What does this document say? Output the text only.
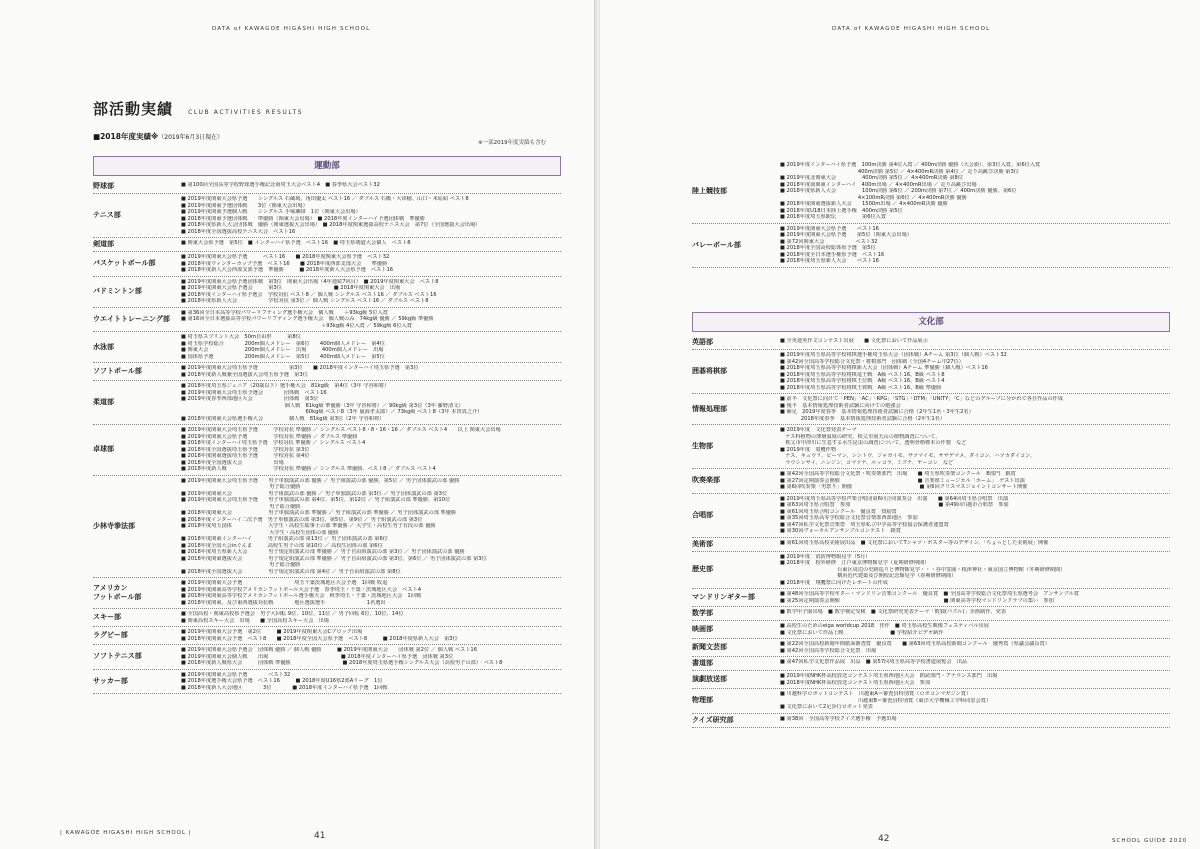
DATA of KAWAGOE HIGASHI HIGH SCHOOL
部活動実績	CLUB ACTIVITIES RESULTS
■2018年度実績※（2019年6月3日現在）
※一部2019年度実績も含む
運動部
野球部	■ 第100回全国高等学校野球選手権記念南埼玉大会ベスト4　■ 春季県大会ベスト32
テニス部
■ 2019年度関東大会県予選　　シングルス 石蔵琉、角田優太 ベスト16 ／ ダブルス 石橋・大串穂、山口・米原紹 ベスト8
■ 2019年度関東予選団体戦　　3位（関東大会出場）
■ 2019年度関東予選個人戦　　シングルス 手塚瀬緋　1位（関東大会出場）
■ 2018年度関東予選団体戦　　準優勝（関東大会出場）　■ 2018年度インターハイ予選団体戦　準優勝
■ 2018年度県新人大会団体戦　優勝（関東選抜大会出場）　■ 2018年度関東選抜高校テニス大会　第7位（全国選抜大会出場）
■ 2018年度全国選抜高校テニス大会　ベスト16
剣道部	■ 関東大会県予選　第5位　■ インターハイ県予選　ベスト16　■ 埼玉県剣道大会個人　ベスト8
バスケットボール部
■ 2019年度関東大会県予選　　　ベスト16　　■ 2018年度関東大会県予選　ベスト32
■ 2018年度ウィンターカップ予選　ベスト16　　■ 2018年度西部支部大会　　準優勝
■ 2018年度新人大会西部支部予選　準優勝　　　■ 2018年度新人大会県予選　ベスト16
バドミントン部
■ 2019年度関東大会県予選団体戦　第3位　関東大会出場（4年連続7回目）　■ 2019年度関東大会　ベスト8
■ 2019年度関東大会県予選会　　　第3位　　　　　　　　　　■ 2018年度関東大会　出場
■ 2018年度インターハイ県予選会　学校対抗 ベスト8 ／ 個人戦 シングルス ベスト16 ／ ダブルス ベスト16
■ 2018年度県新人大会　　　　　　学校対抗 第3位 ／ 個人戦 シングルス ベスト16 ／ ダブルス ベスト8
ウエイトトレーニング部
■ 第36回全日本高等学校パワーリフティング選手権大会　個人戦　　＋93kg級 5位入賞
■ 第16回全日本選抜高等学校パワーリフティング選手権大会　個人戦のみ　74kg級 優勝 ／ 59kg級 準優勝
　　　　　　　　　　　　　　　　　　　　　　　　　　　＋93kg級 4位入賞 ／ 59kg級 6位入賞
水泳部
■ 埼玉県スプリント大会　50m自由形　　　第8位
■ 埼玉県学校総合　　　　200m個人メドレー　第6位　　400m個人メドレー　第4位
■ 関東大会　　　　　　　200m個人メドレー　出場　　　400m個人メドレー　出場
■ 国体県予選　　　　　　200m個人メドレー　第5位　　400m個人メドレー　第5位
ソフトボール部	■ 2019年度関東大会埼玉県予選　　　　　　第3位　　■ 2018年度インターハイ埼玉県予選　第3位
■ 2018年度新人戦兼全国選抜大会埼玉県予選　第3位
柔道部
■ 2018年度埼玉県ジュニア（20歳以下）選手権大会　81kg級　第4位（3年 守谷和将）
■ 2019年度関東大会埼玉県予選会　　　　団体戦　ベスト16
■ 2019年度春季西部地区大会　　　　　　団体戦　第3位
　　　　　　　　　　　　　　　　　　　　個人戦　81kg級 準優勝（3年 守谷和将）／ 90kg級 第3位（3年 藤野清文）
　　　　　　　　　　　　　　　　　　　　　　　　60kg級 ベスト8（3年 嵐海孝太郎）／ 73kg級 ベスト8（3年 本田真之介）
■ 2018年度関東大会県選手権大会　　　　　個人戦　81kg級 第3位（2年 守谷和将）
卓球部
■ 2019年度関東大会埼玉県予選　　　学校対抗 準優勝 ／ シングルス ベスト8・8・16・16 ／ ダブルス ベスト4　　以上 関東大会出場
■ 2019年度関東大会県予選　　　　　学校対抗 準優勝 ／ ダブルス 準優勝
■ 2018年度インターハイ埼玉県予選　学校対抗 準優勝 ／ シングルス ベスト4
■ 2018年度全国選抜埼玉県予選　　　学校対抗 第3位
■ 2018年度関東選抜埼玉県予選　　　学校対抗 第4位
■ 2018年度全国選抜大会　　　　　　出場
■ 2018年度新人戦　　　　　　　　　学校対抗 準優勝 ／ シングルス 準優勝、ベスト8 ／ ダブルス ベスト4
少林寺拳法部
■ 2019年度関東大会埼玉県予選　　男子単独演武の部 優勝 ／ 男子組演武の部 優勝、第5位 ／ 男子団体演武の部 優勝
　　　　　　　　　　　　　　　　　男子総合優勝
■ 2019年度関東大会　　　　　　　男子組演武の部 優勝 ／ 男子単独演武の部 第3位 ／ 男子団体演武の部 第3位
■ 2019年度関東大会埼玉県予選　　男子単独演武の部 第4位、第5位、第12位 ／ 男子組演武の部 準優勝、第10位
　　　　　　　　　　　　　　　　　男子総合優勝
■ 2018年度関東大会　　　　　　　男子単独演武の部 準優勝 ／ 男子組演武の部 準優勝 ／ 男子団体演武の部 準優勝
■ 2018年度インターハイ二次予選　男子単独演武の部 第3位、第5位、第9位 ／ 男子組演武の部 第3位
■ 2018年度埼玉国体　　　　　　　大学生・高校生総事士の部 準優勝 ／ 大学生・高校生男子有段の部 優勝
　　　　　　　　　　　　　　　　　大学生・高校生団体の部 優勝
■ 2018年度関東インターハイ　　　男子組演武の部 第13位 ／ 男子団体演武の部 第6位
■ 2018年度全国大会inぐんま　　　高校生男子の部 第10位 ／ 高校生団体の部 第6位
■ 2018年度埼玉県新人大会　　　　男子規定組演武の部 準優勝 ／ 男子自由組演武の部 第3位 ／ 男子団体演武の部 優勝
■ 2018年度関東選抜大会　　　　　男子規定組演武の部 準優勝 ／ 男子自由組演武の部 第3位、第6位 ／ 男子団体演武の部 第3位
　　　　　　　　　　　　　　　　　男子総合優勝
■ 2018年度全国選抜大会　　　　　男子規定組演武の部 第4位 ／ 男子自由組演武の部 第8位
アメリカン
フットボール部
■ 2019年度関東大会予選　　　　　　　　　　埼玉千葉茨城地区大会予選　1回戦 敗退
■ 2019年度関東高等学校アメリカンフットボール大会予選　春季埼玉・千葉・茨城地区大会　ベスト4
■ 2018年度関東高等学校アメリカンフットボール選手権大会　秋季埼玉・千葉・茨城地区大会　1回戦
■ 2018年度関東、及び東西選抜対抗戦　　　　地区選抜選手　　　　　　　　1名選出
スキー部	■ 全国高校・関東高校県予選会　男子大回転 9位、10位、11位 ／ 男子回転 6位、10位、14位
■ 関東高校スキー大会　出場　　■ 全国高校スキー大会　出場
ラグビー部	■ 2019年度関東大会予選　第2位　　　■ 2019年度関東大会Cブロック出場
■ 2018年度関東大会予選　ベスト8　　■ 2018年度全国大会県予選　ベスト8　　　■ 2018年度県新人大会　第3位
ソフトテニス部
■ 2019年度関東大会県予選会　団体戦 優勝 ／ 個人戦 優勝　　　■ 2019年度関東大会　　団体戦 第2位 ／ 個人戦 ベスト16
■ 2019年度関東大会個人戦　　出場　　　　　　　　　　　　　　■ 2018年度インターハイ県予選　団体戦 第3位
■ 2018年度新人戦県大会　　　団体戦 準優勝　　　　　　　　　　■ 2018年度埼玉県選手権シングルス大会（高校男子の部）　ベスト8
サッカー部
■ 2019年度関東大会県予選　　　　ベスト32
■ 2018年度選手権大会県予選　ベスト16　　　■ 2018年度U16県2部Aリーグ　1位
■ 2018年度新人大会地区　　　　3位　　　　■ 2018年度インターハイ県予選　1回戦
| KAWAGOE HIGASHI HIGH SCHOOL |	41
DATA of KAWAGOE HIGASHI HIGH SCHOOL
陸上競技部
■ 2019年度インターハイ県予選　100m決勝 第4位入賞 ／ 400m決勝 優勝（大会新）、第3位入賞、第6位入賞
　　　　　　　　　　　　　　　400m決勝 第5位 ／ 4×400mR決勝 第4位 ／ 走り高跳び決勝 第3位
■ 2019年度北関東大会　　　　　400m決勝 第5位 ／ 4×400mR決勝 第8位
■ 2018年度南関東インターハイ　400m出場 ／ 4×400mR出場 ／ 走り高跳び出場
■ 2018年度県新人大会　　　　　100m決勝 第6位 ／ 200m決勝 第7位 ／ 400m決勝 優勝、第6位
　　　　　　　　　　　　　　　4×100mR決勝 第6位 ／ 4×400mR決勝 優勝
■ 2018年度関東選抜新人大会　　1500m出場 ／ 4×400mR決勝 優勝
■ 2018年度U18日本陸上選手権　400m決勝 第5位
■ 2018年度埼玉県駅伝　　　　　第6位入賞
バレーボール部
■ 2019年度関東大会県予選　　ベスト16
■ 2019年度関東大会県予選　　第5位（関東大会出場）
■ 第72回関東大会　　　　　　ベスト32
■ 2018年度全国高校総体県予選　第5位
■ 2018年度全日本選手権県予選　ベスト16
■ 2018年度埼玉県新人大会　　ベスト16
文化部
英語部	■ 全英連英作文コンテスト出展　　■ 文化祭において作品展示
囲碁将棋部
■ 2019年度埼玉県高等学校将棋選手権埼玉県大会（団体戦）Aチーム 第3位（個人戦）ベスト32
■ 第42回全国高等学校総合文化祭・将棋部門　団体戦（全国4チーム中27位）
■ 2018年度埼玉県高等学校将棋新人大会（団体戦）Aチーム 準優勝（個人戦）ベスト16
■ 2018年度埼玉県高等学校将棋竜王戦　A級 ベスト16、B級 ベスト8
■ 2018年度埼玉県高等学校将棋王位戦　A級 ベスト16、B級 ベスト4
■ 2018年度埼玉県高等学校将棋王将戦　A級 ベスト16、B級 準優勝
情報処理部
■ 前半　文化祭に向けて「PEN」「AC」「RPG」「STG」「DTM」「UNITY」「C」などのグループに分かれて各自作品の作成
■ 後半　基本情報処理技術者試験に向けての勉強会
■ 補足　2019年度春季　基本情報処理技術者試験に合格（2年生1名・3年生2名）
　　　　2018年度春季　基本情報処理技術者試験に合格（2年生1名）
生物部
■ 2019年度　文化祭発表テーマ
　ナス科植物の薄層温度の研究、秩父市南天山の植物調査について、
　秩父市中津川に生息する水生昆虫の調査について、透明骨格標本の作製　など
■ 2019年度　収穫作物
　ナス、キュウリ、ピーマン、シシトウ、ジャガイモ、サツマイモ、ササゲマメ、ダイコン、ハツカダイコン、
　ラウシンサイ、ニンジン、コマツナ、ルッコラ、ミズナ、ヤーコン　など
吹奏楽部
■ 第42回全国高等学校総合文化祭・吹奏楽部門　出場　　■ 埼玉県吹奏楽コンクール　B部門　銀賞
■ 第27回定期演奏会開催　　　　　　　　　　　　　　　■ 音楽座ミュージカル「ホーム」　ゲスト出演
■ 第6回吹奏楽「男祭り」開催　　　　　　　　　　　　　■ 第6回クリスマスジョイントコンサート開催
合唱部
■ 2019年度埼玉県高等学校声楽合唱団第6回合同演奏会　出演　　■ 第64回埼玉県合唱祭　出演
■ 第63回埼玉県合唱祭　参加　　　　　　　　　　　　　　　　　■ 第49回川越市合唱祭　参加
■ 第61回埼玉県合唱コンクール　優良賞　奨励賞
■ 第35回埼玉県高等学校総合文化祭音楽部西部地区　参加
■ 第47回私学文化祭音楽祭　埼玉県私立中学高等学校協会保護者連盟賞
■ 第30回ヴォーカルアンサンブルコンテスト　銀賞
美術部	■ 第61回埼玉県高校美術展出品　■ 文化祭においてTシャツ・ポスター等のデザイン、「ちょっとした美術展」開催
歴史部
■ 2019年度　消防博物館見学（5月）
■ 2018年度　校外研修　江戸東京博物館見学（夏期研修期間）
　　　　　　　　　　　台東区周辺の史跡巡りと博物館見学・・・谷中霊園・根津神社・東京国立博物館（冬期研修期間）
　　　　　　　　　　　横浜近代建築及び開校記念館見学（春期研修期間）
■ 2018年度　翔鷹祭に向けたレポートの作成
マンドリンギター部	■ 第48回全国高等学校ギター・マンドリン音楽コンクール　優良賞　■ 全国高等学校総合文化祭埼玉県選考会　アンサンブル賞
■ 第25回定期演奏会開催　　　　　　　　　　　　　　　　　　　　■ 関東高等学校マンドリンクラブの集い　参加
数学部	■ 数学甲子園出場　■ 数学検定受検　■ 文化祭研究発表テーマ「数独(パズル)」企画制作、発表
映画部	■ 高校生のためのeiga worldcup 2018　佳作　■ 埼玉県高校生映像フェスティバル出展
■ 文化祭において作品上映　　　　　　　　　■ 学校紹介ビデオ制作
新聞文芸部	■ 第22回全国高校新聞年間紙面審査賞　優良賞　　■ 第63回埼玉県高校新聞コンクール　優秀賞（県議会議長賞）
■ 第42回全国高等学校総合文化祭　出場
書道部	■ 第47回私学文化祭作品展　出品　■ 第57回埼玉県高等学校書道展覧会　出品
演劇放送部	■ 2019年度NHK杯高校放送コンテスト埼玉県西地区大会　朗読部門・アナウンス部門　出場
■ 2018年度NHK杯高校放送コンテスト埼玉県西地区大会　参加
物理部
■ 川越科学ロボットコンテスト　川越東A＝審査員特別賞（ロボコンマガジン賞）
　　　　　　　　　　　　　　　川越東B＝審査員特別賞（東洋大学機械工学科同窓会賞）
■ 文化祭において2足歩行ロボット発表
クイズ研究部	■ 第38回　全国高等学校クイズ選手権　予選出場
42	SCHOOL GUIDE 2020
